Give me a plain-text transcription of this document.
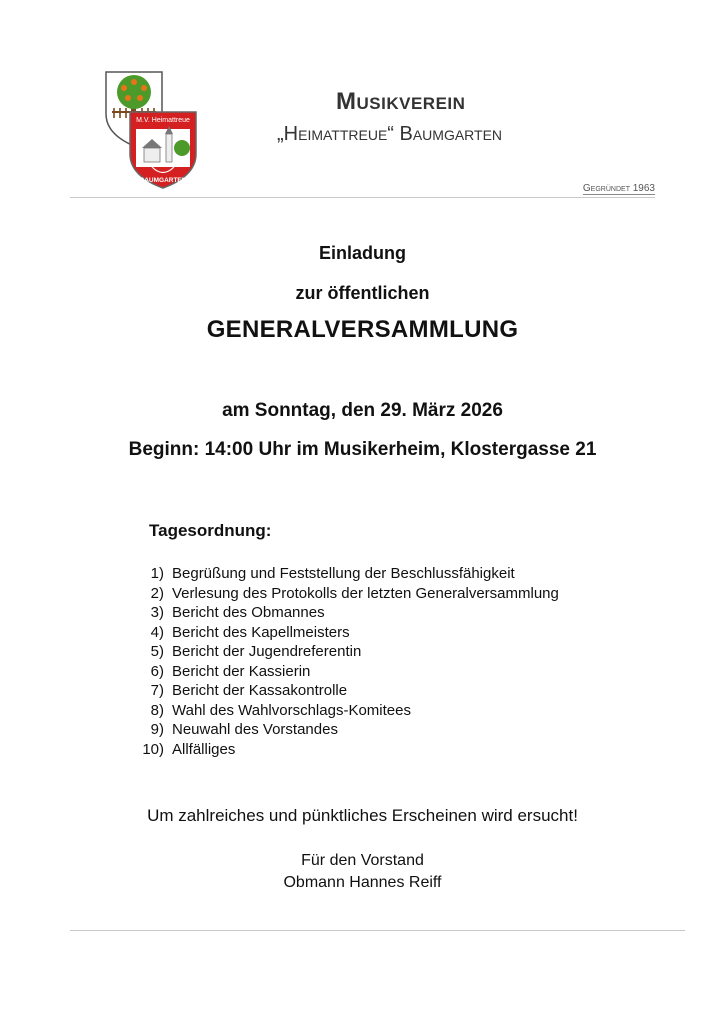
M.V. Heimattreue
BAUMGARTEN
Musikverein
„Heimattreue“ Baumgarten
Gegründet 1963
Einladung
zur öffentlichen
GENERALVERSAMMLUNG
am Sonntag, den 29. März 2026
Beginn: 14:00 Uhr im Musikerheim, Klostergasse 21
Tagesordnung:
1) Begrüßung und Feststellung der Beschlussfähigkeit
2) Verlesung des Protokolls der letzten Generalversammlung
3) Bericht des Obmannes
4) Bericht des Kapellmeisters
5) Bericht der Jugendreferentin
6) Bericht der Kassierin
7) Bericht der Kassakontrolle
8) Wahl des Wahlvorschlags-Komitees
9) Neuwahl des Vorstandes
10) Allfälliges
Um zahlreiches und pünktliches Erscheinen wird ersucht!
Für den Vorstand
Obmann Hannes Reiff
